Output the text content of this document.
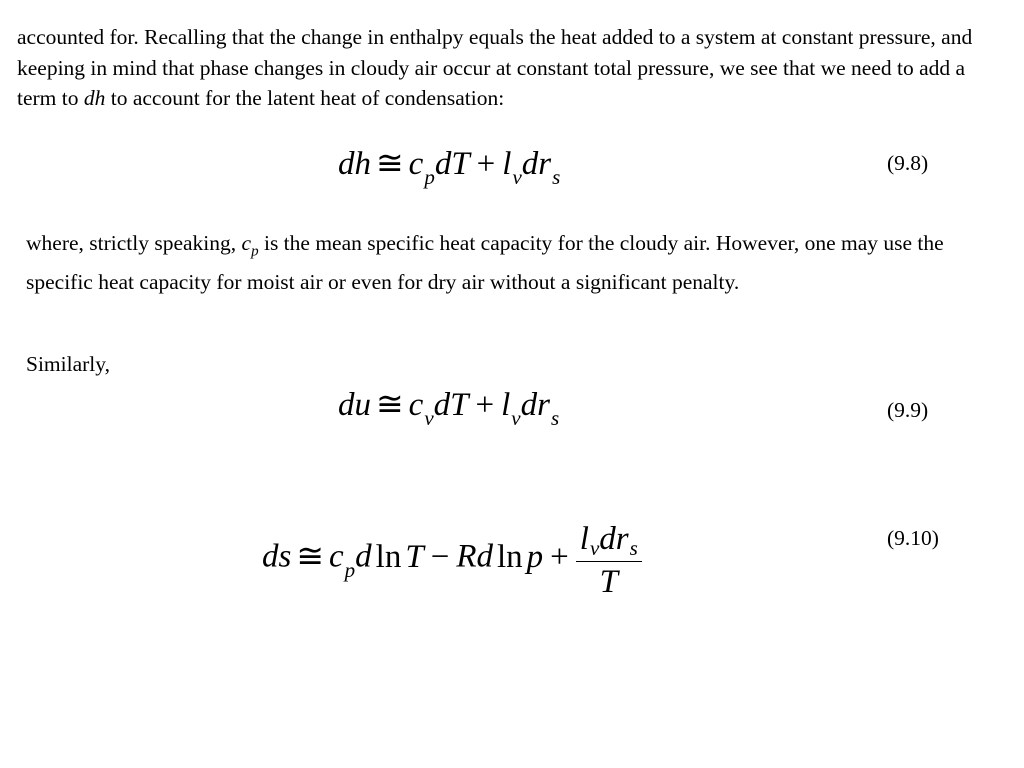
accounted for. Recalling that the change in enthalpy equals the heat added to a system at constant pressure, and keeping in mind that phase changes in cloudy air occur at constant total pressure, we see that we need to add a term to dh to account for the latent heat of condensation:

dh ≅ $c_pdT + l_vdr_s$
(9.8)

where, strictly speaking, $c_p$ is the mean specific heat capacity for the cloudy air. However, one may use the specific heat capacity for moist air or even for dry air without a significant penalty.

Similarly,

du ≅ $c_vdT + l_vdr_s$	(9.9)
ds ≅ $c_pd$ ln T − Rd $\ln p + \frac{\text{lvdrs}}{T}$	(9.10)
